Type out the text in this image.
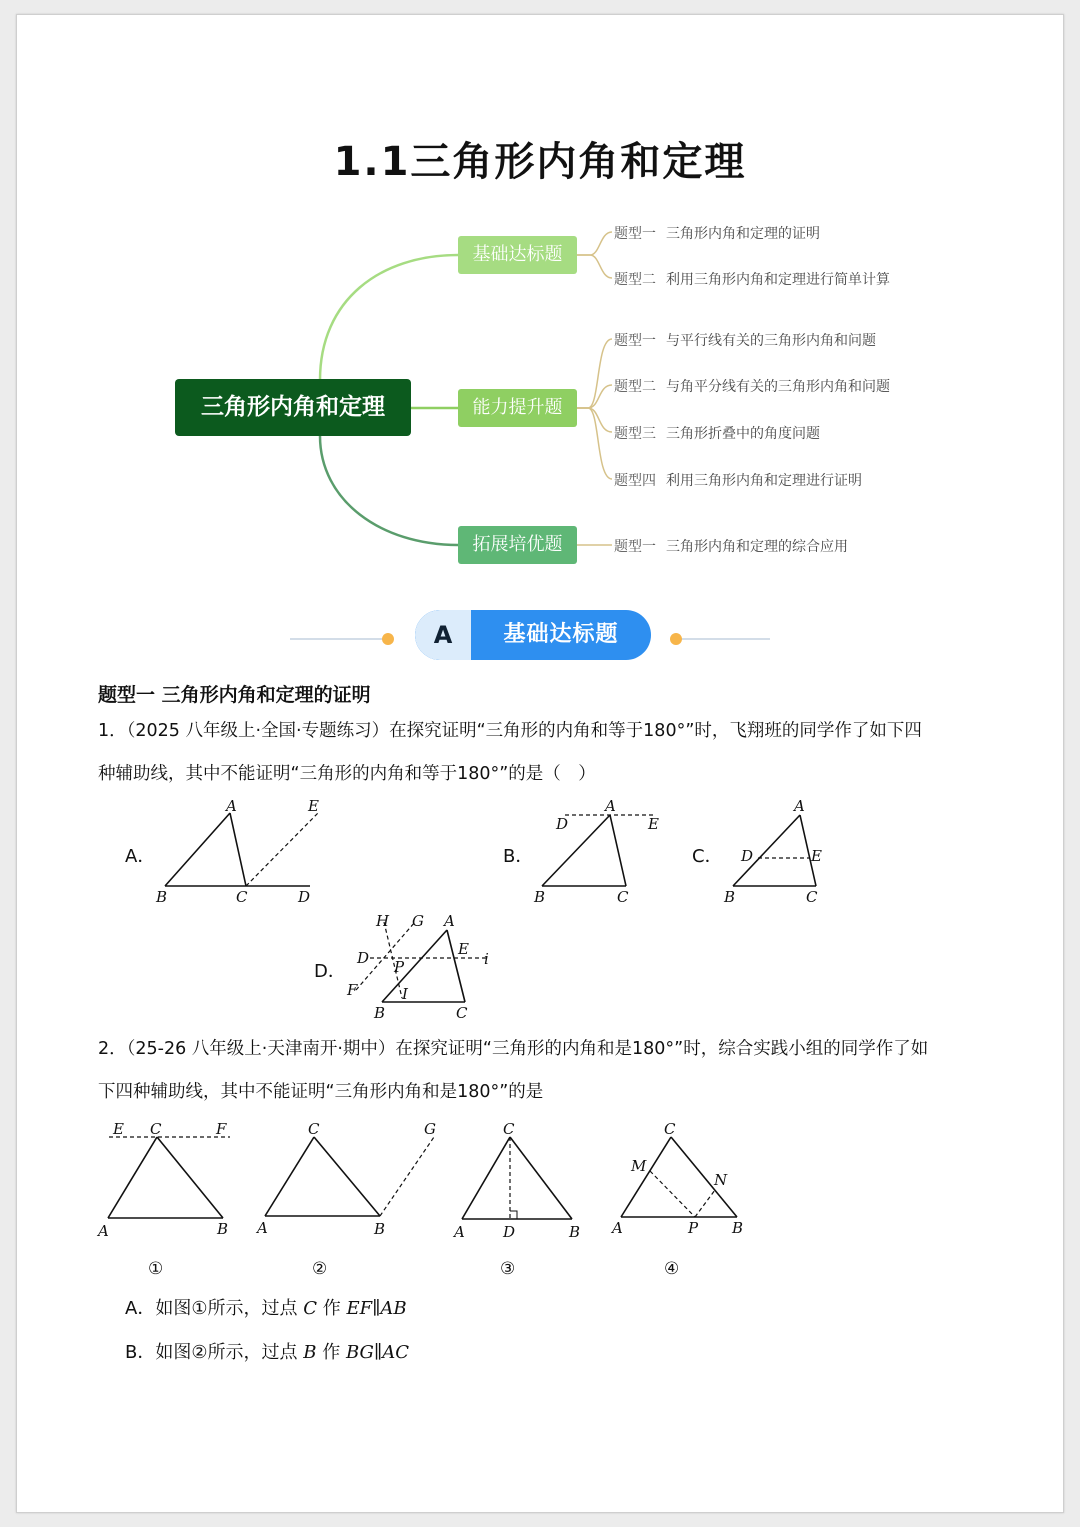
1.1三角形内角和定理
三角形内角和定理
基础达标题
能力提升题
拓展培优题
题型一 三角形内角和定理的证明
题型二 利用三角形内角和定理进行简单计算
题型一 与平行线有关的三角形内角和问题
题型二 与角平分线有关的三角形内角和问题
题型三 三角形折叠中的角度问题
题型四 利用三角形内角和定理进行证明
题型一 三角形内角和定理的综合应用
A	基础达标题
题型一 三角形内角和定理的证明
1．（2025 八年级上·全国·专题练习）在探究证明“三角形的内角和等于180°”时，飞翔班的同学作了如下四
种辅助线，其中不能证明“三角形的内角和等于180°”的是（　）
A．	B．	C．
D．
A	E
B	C	D
A
D	E
B	C
A
D	E
B	C
H G A
E
D	i
P
F	I
B	C
2．（25-26 八年级上·天津南开·期中）在探究证明“三角形的内角和是180°”时，综合实践小组的同学作了如
下四种辅助线，其中不能证明“三角形内角和是180°”的是
E C	F
A	B
C	G
A	B
C
A	D	B
C
M
N
A	P B
①	②	③	④
A．如图①所示，过点 C 作 EF∥AB
B．如图②所示，过点 B 作 BG∥AC
